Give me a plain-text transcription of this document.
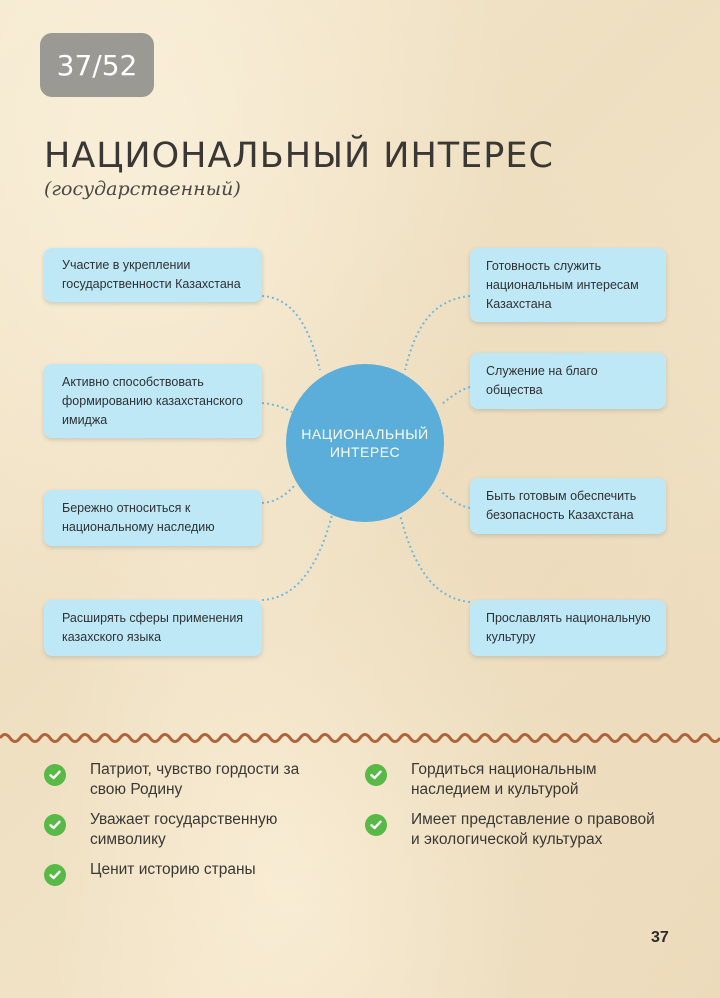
37/52
НАЦИОНАЛЬНЫЙ ИНТЕРЕС
(государственный)
Участие в укреплении государственности Казахстана
Активно способствовать формированию казахстанского имиджа
Бережно относиться к национальному наследию
Расширять сферы применения казахского языка
Готовность служить национальным интересам Казахстана
Служение на благо общества
Быть готовым обеспечить безопасность Казахстана
Прославлять национальную культуру
НАЦИОНАЛЬНЫЙ ИНТЕРЕС
Патриот, чувство гордости за свою Родину
Уважает государственную символику
Ценит историю страны
Гордиться национальным наследием и культурой
Имеет представление о правовой и экологической культурах
37
